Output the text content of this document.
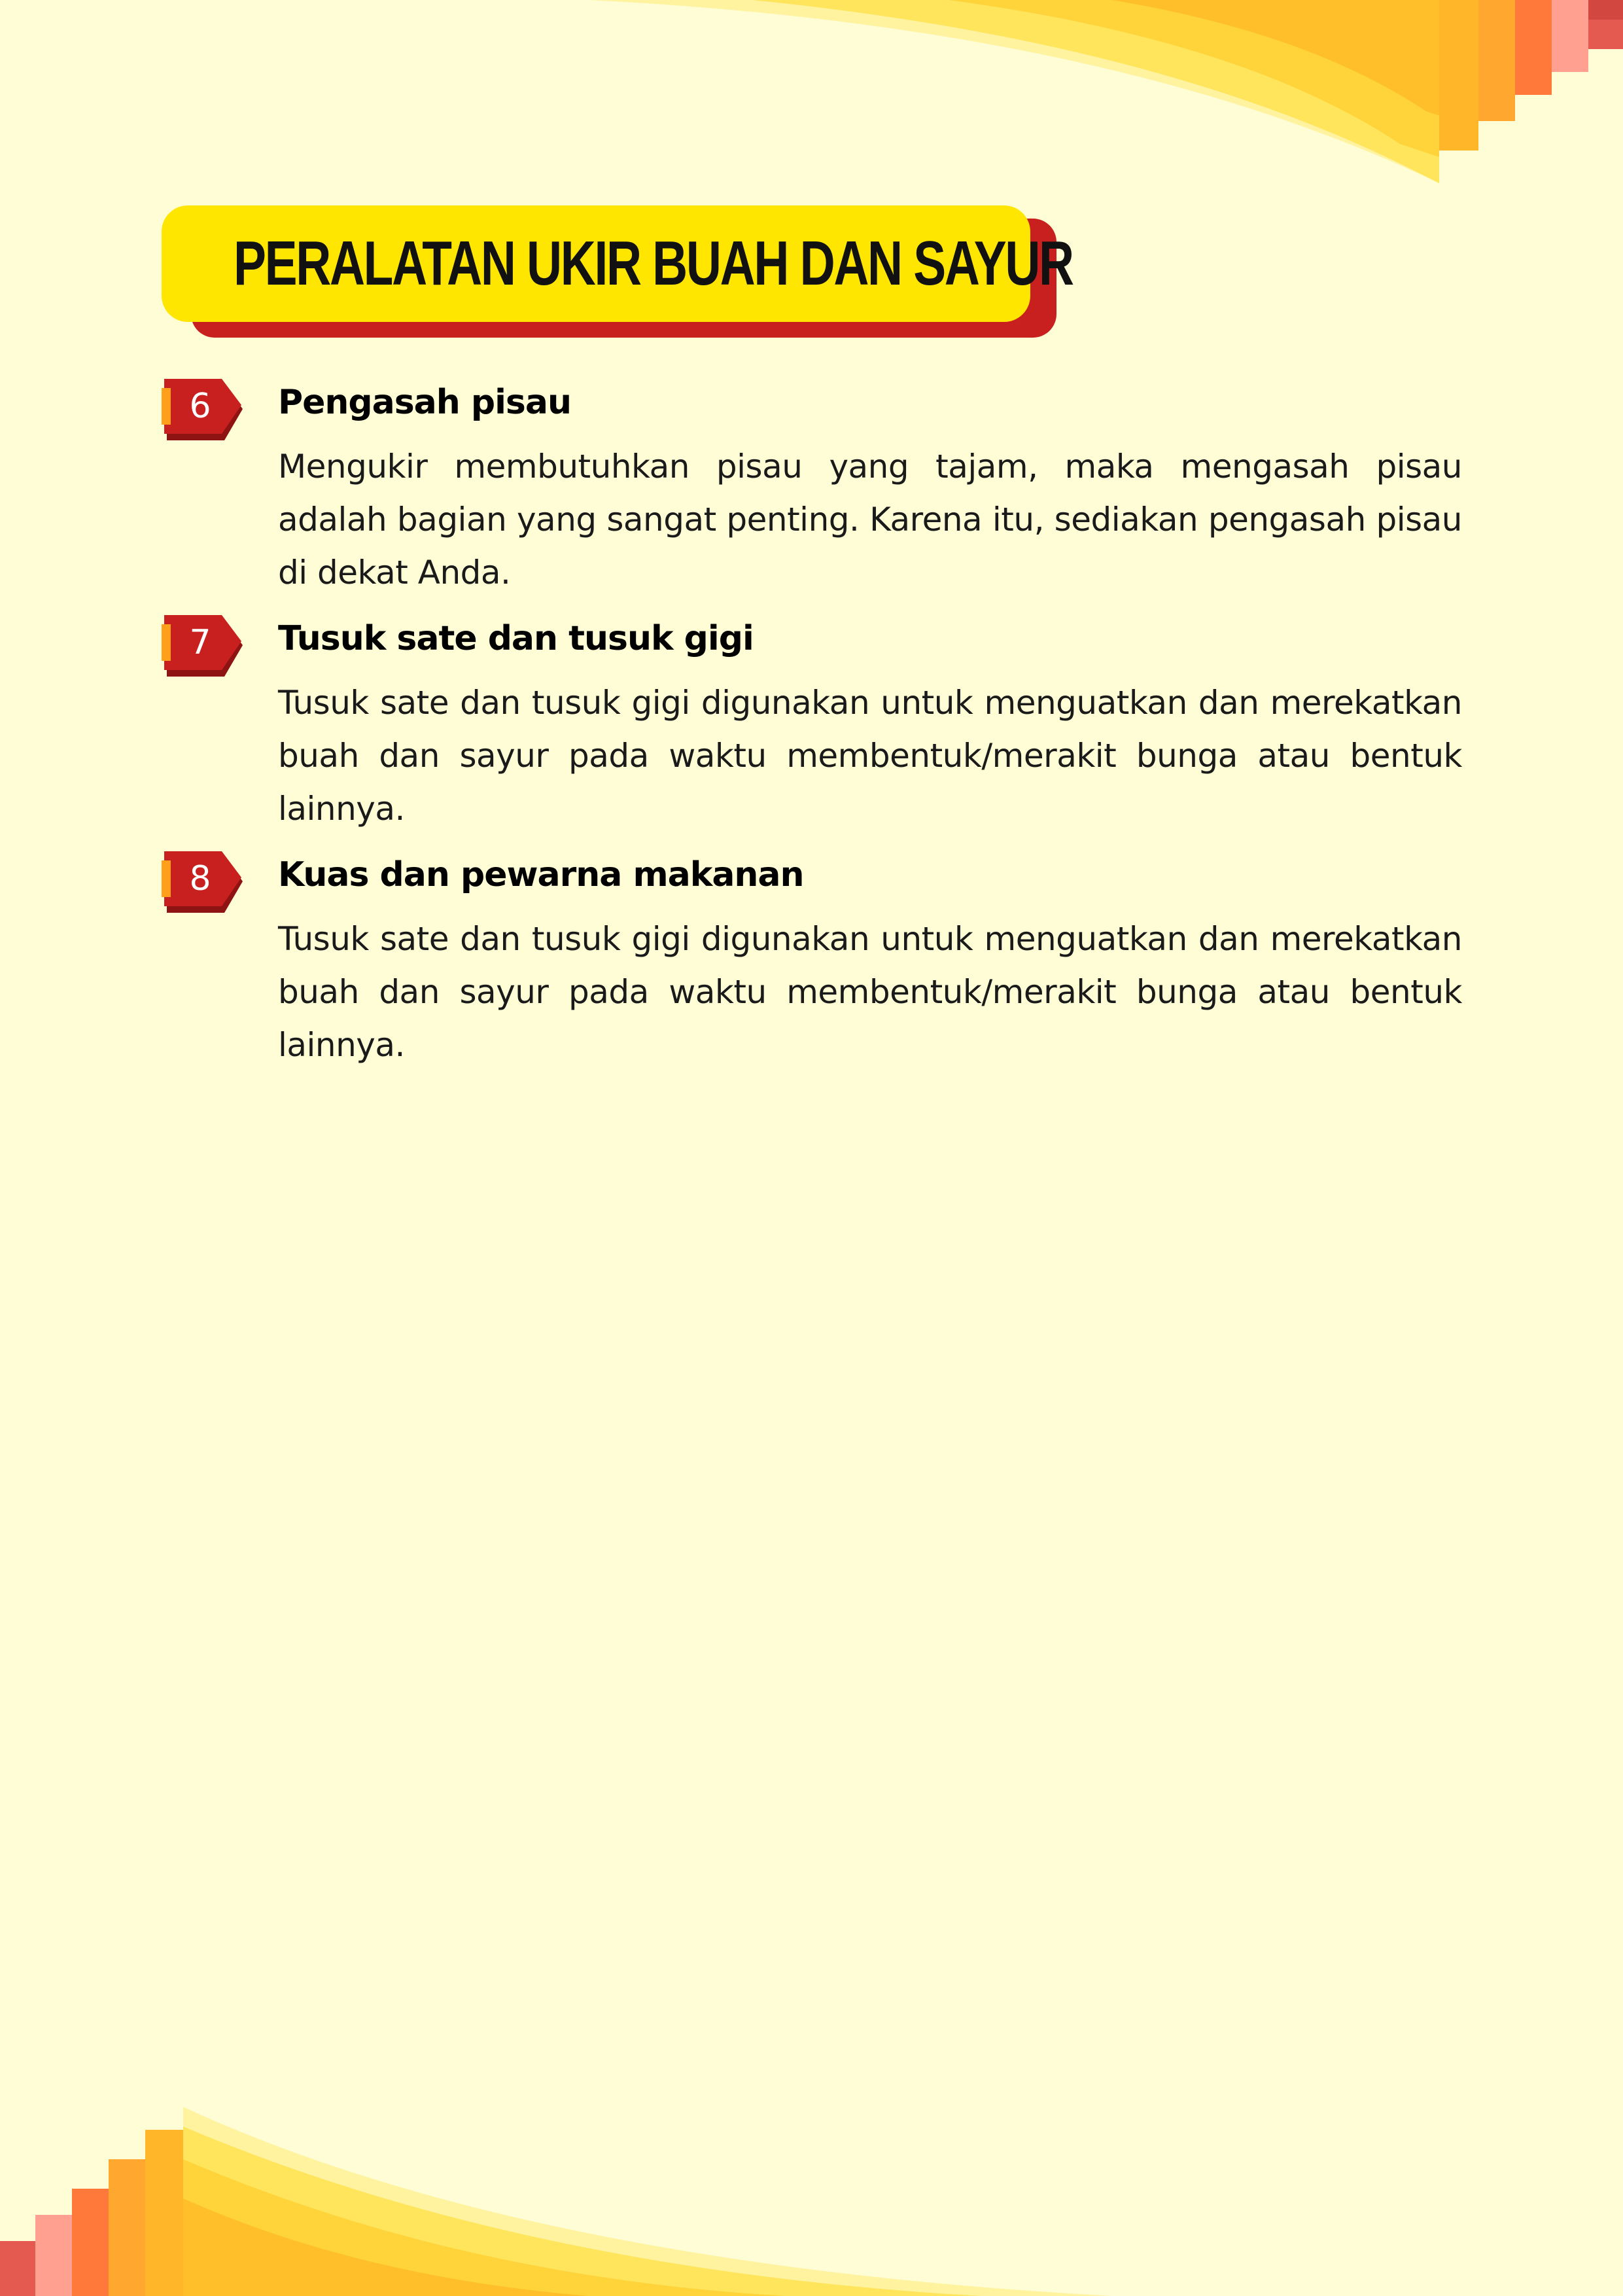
PERALATAN UKIR BUAH DAN SAYUR
6	Pengasah pisau

Mengukir membutuhkan pisau yang tajam, maka mengasah pisau adalah bagian yang sangat penting. Karena itu, sediakan pengasah pisau di dekat Anda.

7	Tusuk sate dan tusuk gigi

Tusuk sate dan tusuk gigi digunakan untuk menguatkan dan merekatkan buah dan sayur pada waktu membentuk/merakit bunga atau bentuk lainnya.

8	Kuas dan pewarna makanan

Tusuk sate dan tusuk gigi digunakan untuk menguatkan dan merekatkan buah dan sayur pada waktu membentuk/merakit bunga atau bentuk lainnya.
